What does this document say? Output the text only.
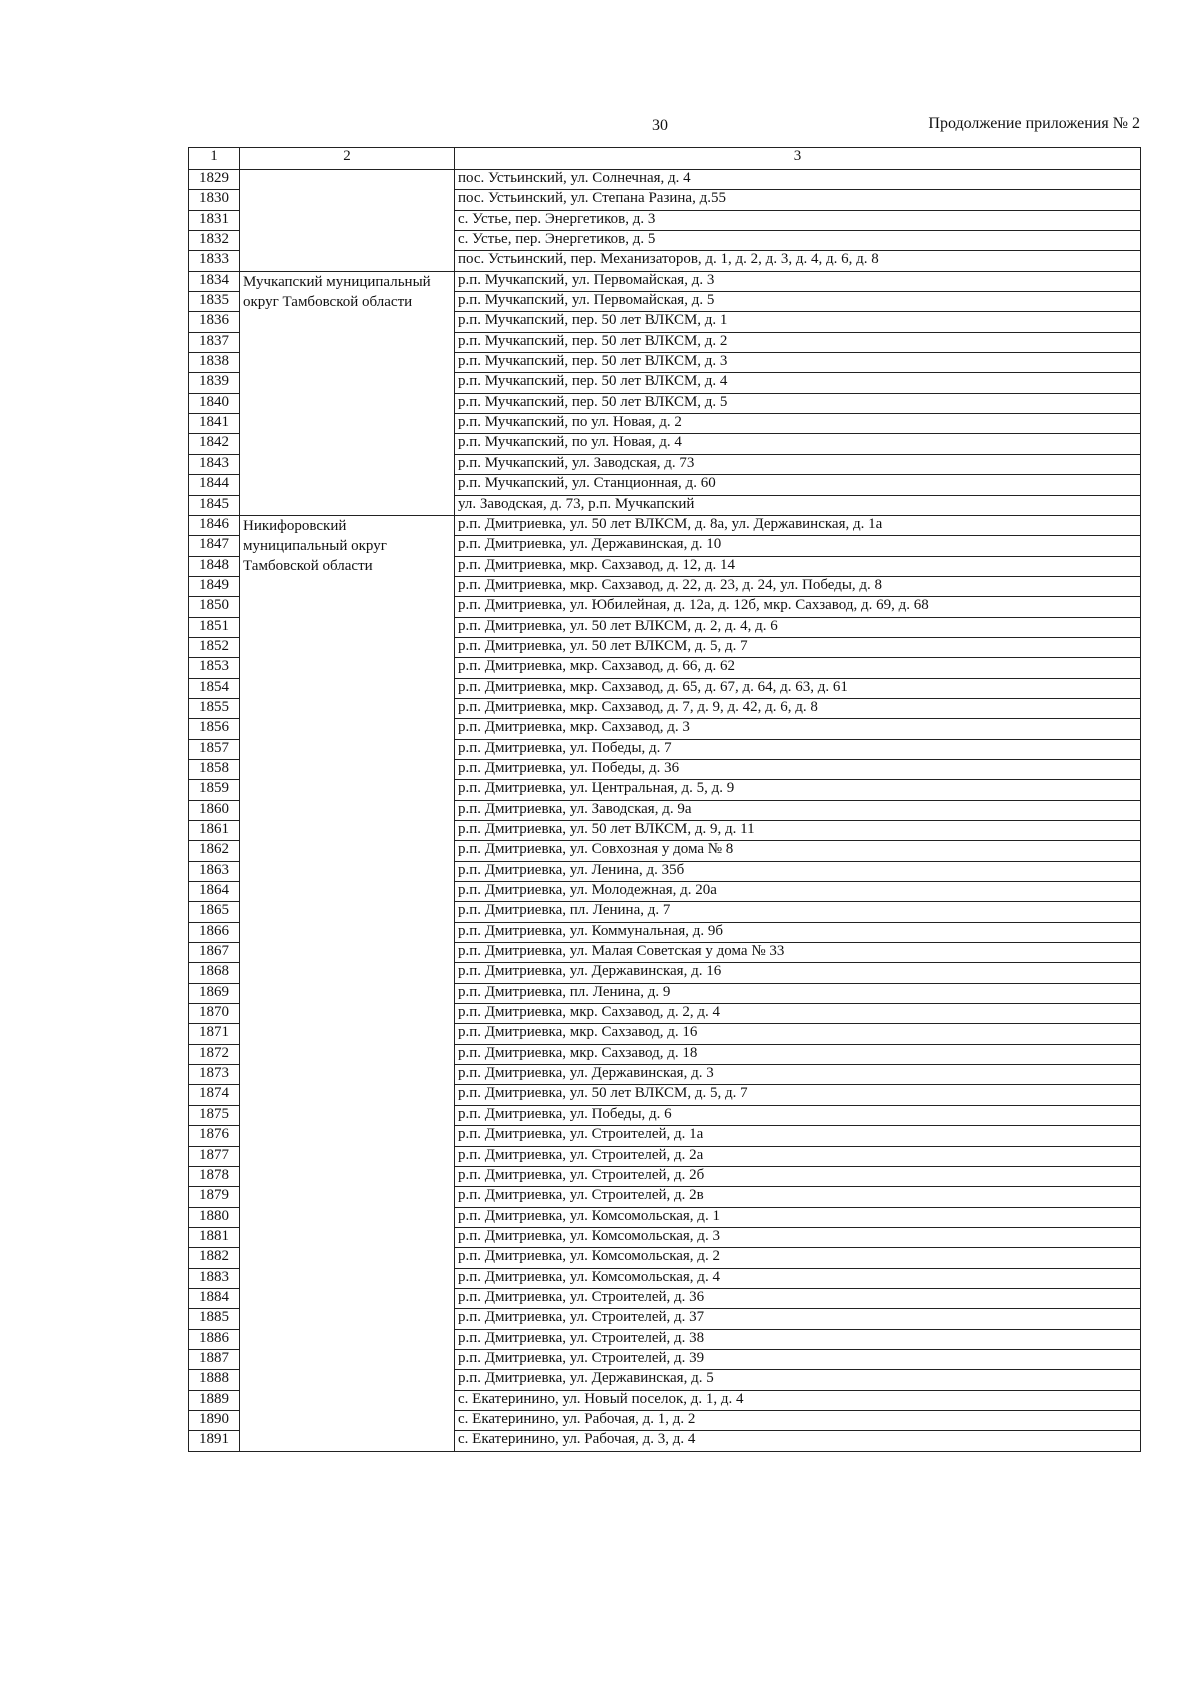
30	Продолжение приложения № 2
1	2	3
1829		пос. Устьинский, ул. Солнечная, д. 4
1830		пос. Устьинский, ул. Степана Разина, д.55
1831		с. Устье, пер. Энергетиков, д. 3
1832		с. Устье, пер. Энергетиков, д. 5
1833		пос. Устьинский, пер. Механизаторов, д. 1, д. 2, д. 3, д. 4, д. 6, д. 8
1834	Мучкапский муниципальный округ Тамбовской области	р.п. Мучкапский, ул. Первомайская, д. 3
1835		р.п. Мучкапский, ул. Первомайская, д. 5
1836		р.п. Мучкапский, пер. 50 лет ВЛКСМ, д. 1
1837		р.п. Мучкапский, пер. 50 лет ВЛКСМ, д. 2
1838		р.п. Мучкапский, пер. 50 лет ВЛКСМ, д. 3
1839		р.п. Мучкапский, пер. 50 лет ВЛКСМ, д. 4
1840		р.п. Мучкапский, пер. 50 лет ВЛКСМ, д. 5
1841		р.п. Мучкапский, по ул. Новая, д. 2
1842		р.п. Мучкапский, по ул. Новая, д. 4
1843		р.п. Мучкапский, ул. Заводская, д. 73
1844		р.п. Мучкапский, ул. Станционная, д. 60
1845		ул. Заводская, д. 73, р.п. Мучкапский
1846	Никифоровский муниципальный округ Тамбовской области	р.п. Дмитриевка, ул. 50 лет ВЛКСМ, д. 8а, ул. Державинская, д. 1а
1847		р.п. Дмитриевка, ул. Державинская, д. 10
1848		р.п. Дмитриевка, мкр. Сахзавод, д. 12, д. 14
1849		р.п. Дмитриевка, мкр. Сахзавод, д. 22, д. 23, д. 24, ул. Победы, д. 8
1850		р.п. Дмитриевка, ул. Юбилейная, д. 12а, д. 12б, мкр. Сахзавод, д. 69, д. 68
1851		р.п. Дмитриевка, ул. 50 лет ВЛКСМ, д. 2, д. 4, д. 6
1852		р.п. Дмитриевка, ул. 50 лет ВЛКСМ, д. 5, д. 7
1853		р.п. Дмитриевка, мкр. Сахзавод, д. 66, д. 62
1854		р.п. Дмитриевка, мкр. Сахзавод, д. 65, д. 67, д. 64, д. 63, д. 61
1855		р.п. Дмитриевка, мкр. Сахзавод, д. 7, д. 9, д. 42, д. 6, д. 8
1856		р.п. Дмитриевка, мкр. Сахзавод, д. 3
1857		р.п. Дмитриевка, ул. Победы, д. 7
1858		р.п. Дмитриевка, ул. Победы, д. 36
1859		р.п. Дмитриевка, ул. Центральная, д. 5, д. 9
1860		р.п. Дмитриевка, ул. Заводская, д. 9а
1861		р.п. Дмитриевка, ул. 50 лет ВЛКСМ, д. 9, д. 11
1862		р.п. Дмитриевка, ул. Совхозная у дома № 8
1863		р.п. Дмитриевка, ул. Ленина, д. 35б
1864		р.п. Дмитриевка, ул. Молодежная, д. 20а
1865		р.п. Дмитриевка, пл. Ленина, д. 7
1866		р.п. Дмитриевка, ул. Коммунальная, д. 9б
1867		р.п. Дмитриевка, ул. Малая Советская у дома № 33
1868		р.п. Дмитриевка, ул. Державинская, д. 16
1869		р.п. Дмитриевка, пл. Ленина, д. 9
1870		р.п. Дмитриевка, мкр. Сахзавод, д. 2, д. 4
1871		р.п. Дмитриевка, мкр. Сахзавод, д. 16
1872		р.п. Дмитриевка, мкр. Сахзавод, д. 18
1873		р.п. Дмитриевка, ул. Державинская, д. 3
1874		р.п. Дмитриевка, ул. 50 лет ВЛКСМ, д. 5, д. 7
1875		р.п. Дмитриевка, ул. Победы, д. 6
1876		р.п. Дмитриевка, ул. Строителей, д. 1а
1877		р.п. Дмитриевка, ул. Строителей, д. 2а
1878		р.п. Дмитриевка, ул. Строителей, д. 2б
1879		р.п. Дмитриевка, ул. Строителей, д. 2в
1880		р.п. Дмитриевка, ул. Комсомольская, д. 1
1881		р.п. Дмитриевка, ул. Комсомольская, д. 3
1882		р.п. Дмитриевка, ул. Комсомольская, д. 2
1883		р.п. Дмитриевка, ул. Комсомольская, д. 4
1884		р.п. Дмитриевка, ул. Строителей, д. 36
1885		р.п. Дмитриевка, ул. Строителей, д. 37
1886		р.п. Дмитриевка, ул. Строителей, д. 38
1887		р.п. Дмитриевка, ул. Строителей, д. 39
1888		р.п. Дмитриевка, ул. Державинская, д. 5
1889		с. Екатеринино, ул. Новый поселок, д. 1, д. 4
1890		с. Екатеринино, ул. Рабочая, д. 1, д. 2
1891		с. Екатеринино, ул. Рабочая, д. 3, д. 4
